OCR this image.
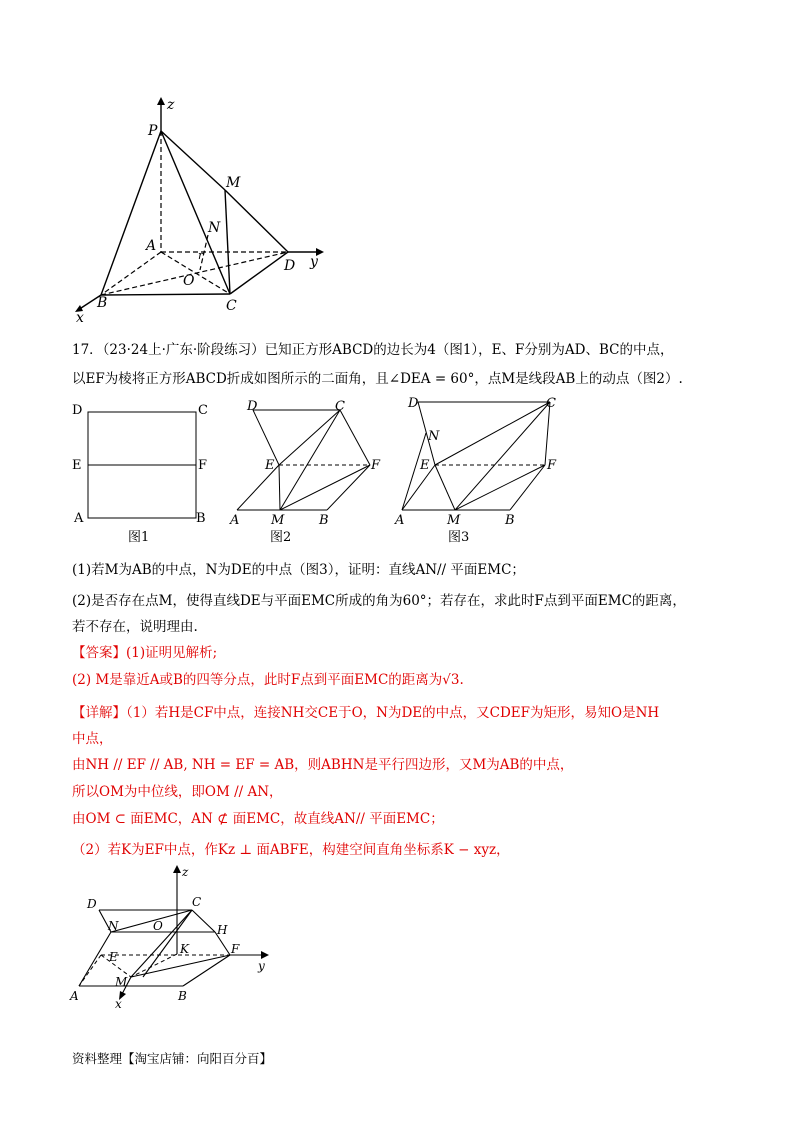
z
P
M
N
A
r
O
D y
B	C
x
17．（23·24上·广东·阶段练习）已知正方形ABCD的边长为4（图1），E、F分别为AD、BC的中点，
以EF为棱将正方形ABCD折成如图所示的二面角，且∠DEA = 60°，点M是线段AB上的动点（图2）.
D	C
E	F
A	B
图1
D	C
E	F
A M	B
图2
D	C
N
E	F
A	M	B
图3
(1)若M为AB的中点，N为DE的中点（图3），证明：直线AN// 平面EMC；
(2)是否存在点M，使得直线DE与平面EMC所成的角为60°；若存在，求此时F点到平面EMC的距离，
若不存在，说明理由.
【答案】(1)证明见解析;
(2) M是靠近A或B的四等分点，此时F点到平面EMC的距离为√3.
【详解】（1）若H是CF中点，连接NH交CE于O，N为DE的中点，又CDEF为矩形，易知O是NH
中点，
由NH // EF // AB, NH = EF = AB，则ABHN是平行四边形，又M为AB的中点，
所以OM为中位线，即OM // AN，
由OM ⊂ 面EMC，AN ⊄ 面EMC，故直线AN// 平面EMC；
（2）若K为EF中点，作Kz ⊥ 面ABFE，构建空间直角坐标系K − xyz，
z
D	C
N	O	H
E
K	F
y
M
A
x
B
资料整理【淘宝店铺：向阳百分百】
